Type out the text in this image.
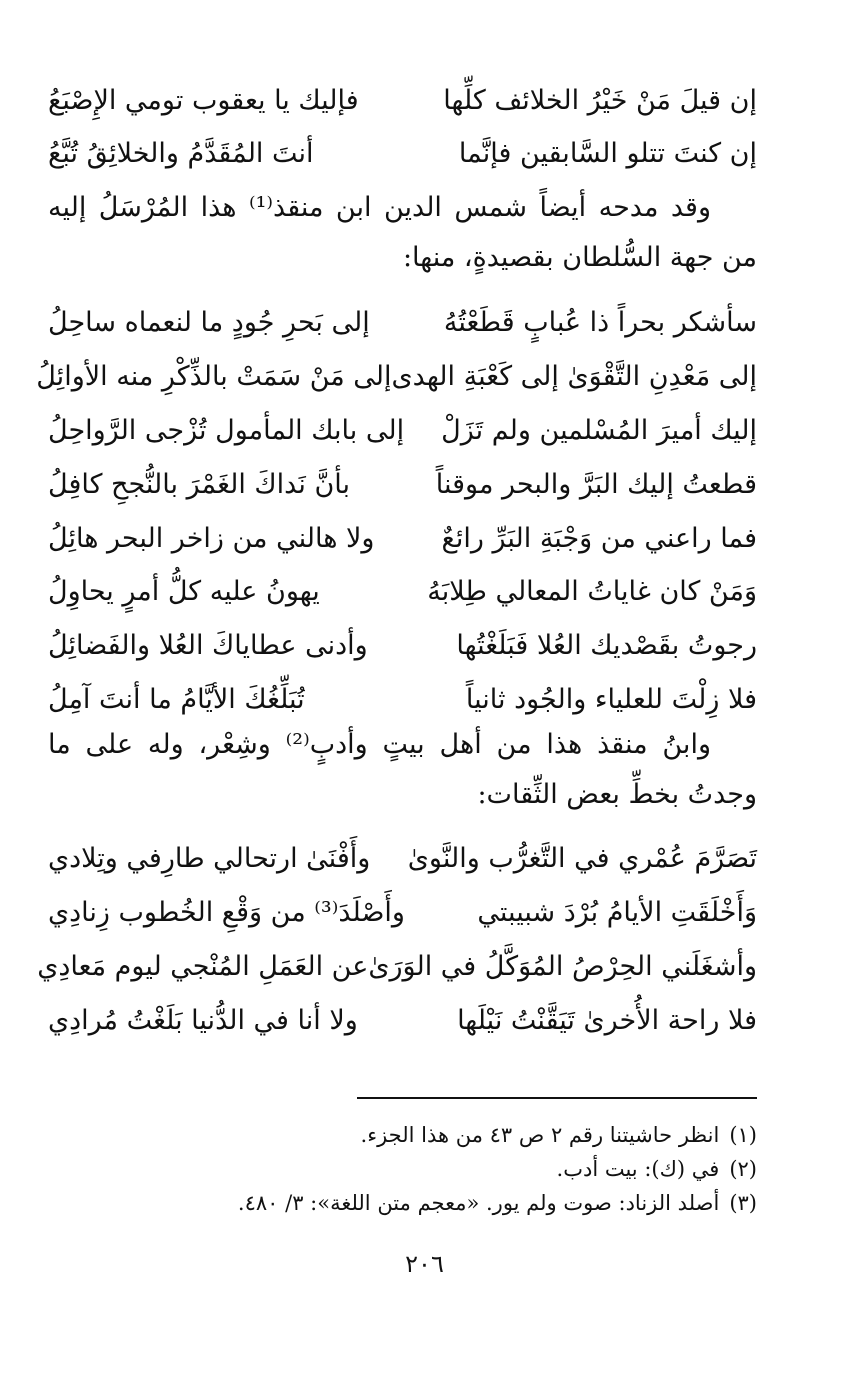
إن قيلَ مَنْ خَيْرُ الخلائف كلِّها
فإليك يا يعقوب تومي الإِصْبَعُ
إن كنتَ تتلو السَّابقين فإنَّما
أنتَ المُقَدَّمُ والخلائِقُ تُبَّعُ
وقد مدحه أيضاً شمس الدين ابن منقذ⁽¹⁾ هذا المُرْسَلُ إليه من جهة السُّلطان بقصيدةٍ، منها:
سأشكر بحراً ذا عُبابٍ قَطَعْتُهُ
إلى بَحرِ جُودٍ ما لنعماه ساحِلُ
إلى مَعْدِنِ التَّقْوَىٰ إلى كَعْبَةِ الهدى
إلى مَنْ سَمَتْ بالذِّكْرِ منه الأوائِلُ
إليك أميرَ المُسْلمين ولم تَزَلْ
إلى بابك المأمول تُزْجى الرَّواحِلُ
قطعتُ إليك البَرَّ والبحر موقناً
بأنَّ نَداكَ الغَمْرَ بالنُّجحِ كافِلُ
فما راعني من وَجْبَةِ البَرِّ رائعٌ
ولا هالني من زاخر البحر هائِلُ
وَمَنْ كان غاياتُ المعالي طِلابَهُ
يهونُ عليه كلُّ أمرٍ يحاوِلُ
رجوتُ بقَصْديك العُلا فَبَلَغْتُها
وأدنى عطاياكَ العُلا والفَضائِلُ
فلا زِلْتَ للعلياء والجُود ثانياً
تُبَلِّغُكَ الأيَّامُ ما أنتَ آمِلُ
وابنُ منقذ هذا من أهل بيتٍ وأدبٍ⁽²⁾ وشِعْر، وله على ما وجدتُ بخطِّ بعض الثِّقات:
تَصَرَّمَ عُمْري في التَّغرُّب والنَّوىٰ
وأَفْنَىٰ ارتحالي طارِفي وتِلادي
وَأَخْلَقَتِ الأيامُ بُرْدَ شبيبتي
وأَصْلَدَ⁽³⁾ من وَقْعِ الخُطوب زِنادِي
وأشغَلَني الحِرْصُ المُوَكَّلُ في الوَرَىٰ
عن العَمَلِ المُنْجي ليوم مَعادِي
فلا راحة الأُخرىٰ تَيَقَّنْتُ نَيْلَها
ولا أنا في الدُّنيا بَلَغْتُ مُرادِي
(١)انظر حاشيتنا رقم ٢ ص ٤٣ من هذا الجزء.
(٢)في (ك): بيت أدب.
(٣)أصلد الزناد: صوت ولم يور. «معجم متن اللغة»: ٣/ ٤٨٠.
٢٠٦
